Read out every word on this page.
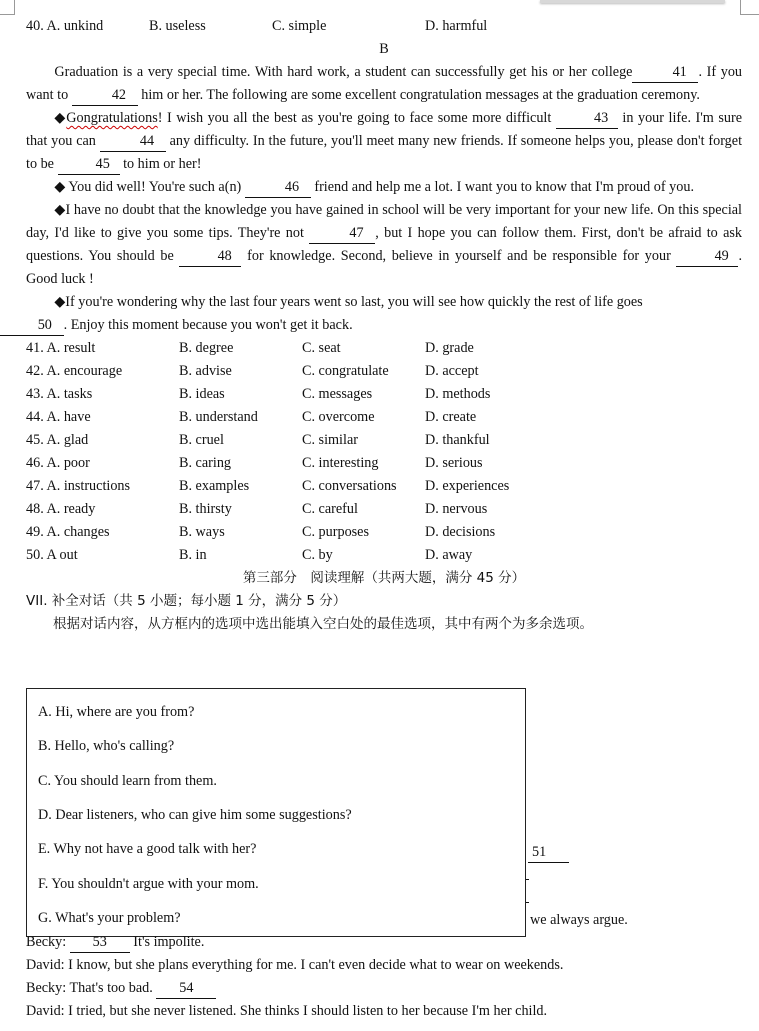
40. A. unkind	B. useless	C. simple	D. harmful
B

Graduation is a very special time. With hard work, a student can successfully get his or her college	41 . If you want to	42 him or her. The following are some excellent congratulation messages at the graduation ceremony.

◆Gongratulations! I wish you all the best as you're going to face some more difficult	43 in your life. I'm sure that you can	44 any difficulty. In the future, you'll meet many new friends. If someone helps you, please don't forget to be	45 to him or her!

◆ You did well! You're such a(n)	46 friend and help me a lot. I want you to know that I'm proud of you.

◆I have no doubt that the knowledge you have gained in school will be very important for your new life. On this special day, I'd like to give you some tips. They're not	47 , but I hope you can follow them. First, don't be afraid to ask questions. You should be	48 for knowledge. Second, believe in yourself and be responsible for your	49 . Good luck !

◆If you're wondering why the last four years went so last, you will see how quickly the rest of life goes
50 . Enjoy this moment because you won't get it back.

41. A. result	B. degree	C. seat	D. grade
42. A. encourage	B. advise	C. congratulate	D. accept
43. A. tasks	B. ideas	C. messages	D. methods
44. A. have	B. understand	C. overcome	D. create
45. A. glad	B. cruel	C. similar	D. thankful
46. A. poor	B. caring	C. interesting	D. serious
47. A. instructions	B. examples	C. conversations	D. experiences
48. A. ready	B. thirsty	C. careful	D. nervous
49. A. changes	B. ways	C. purposes	D. decisions
50. A out	B. in	C. by	D. away
第三部分　阅读理解（共两大题，满分 45 分）
VII. 补全对话（共 5 小题；每小题 1 分，满分 5 分）
根据对话内容，从方框内的选项中选出能填入空白处的最佳选项，其中有两个为多余选项。
51
we always argue.
A. Hi, where are you from?
B. Hello, who's calling?
C. You should learn from them.
D. Dear listeners, who can give him some suggestions?
E. Why not have a good talk with her?
F. You shouldn't argue with your mom.
G. What's your problem?
Becky: 53 It's impolite.
David: I know, but she plans everything for me. I can't even decide what to wear on weekends.
Becky: That's too bad. 54
David: I tried, but she never listened. She thinks I should listen to her because I'm her child.
